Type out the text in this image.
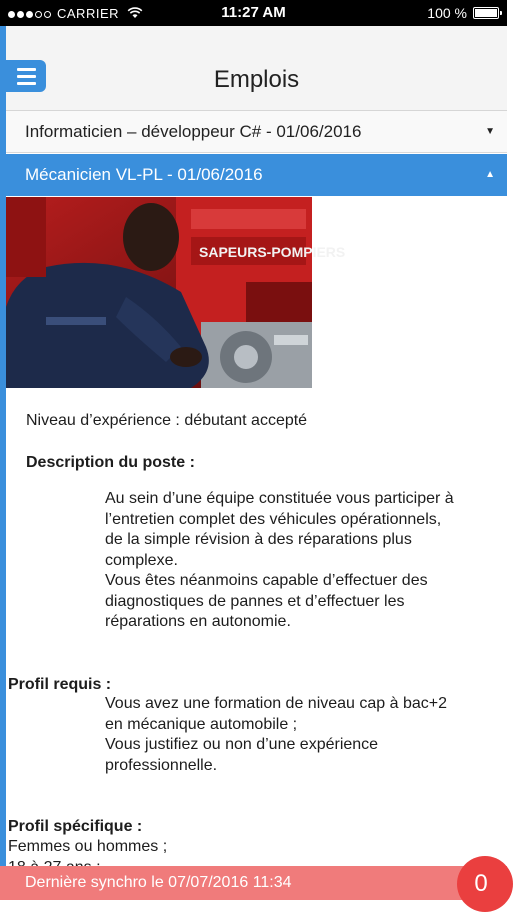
CARRIER	11:27 AM	100 %
Emplois
Informaticien – développeur C# - 01/06/2016	▼
Mécanicien VL-PL - 01/06/2016	▲
SAPEURS-POMPIERS
Niveau d’expérience : débutant accepté
Description du poste :
Au sein d’une équipe constituée vous participer à
l’entretien complet des véhicules opérationnels,
de la simple révision à des réparations plus
complexe.
Vous êtes néanmoins capable d’effectuer des
diagnostiques de pannes et d’effectuer les
réparations en autonomie.
Profil requis :
Vous avez une formation de niveau cap à bac+2
en mécanique automobile ;
Vous justifiez ou non d’une expérience
professionnelle.
Profil spécifique :
Femmes ou hommes ;
Dernière synchro le 07/07/2016 11:34	0
